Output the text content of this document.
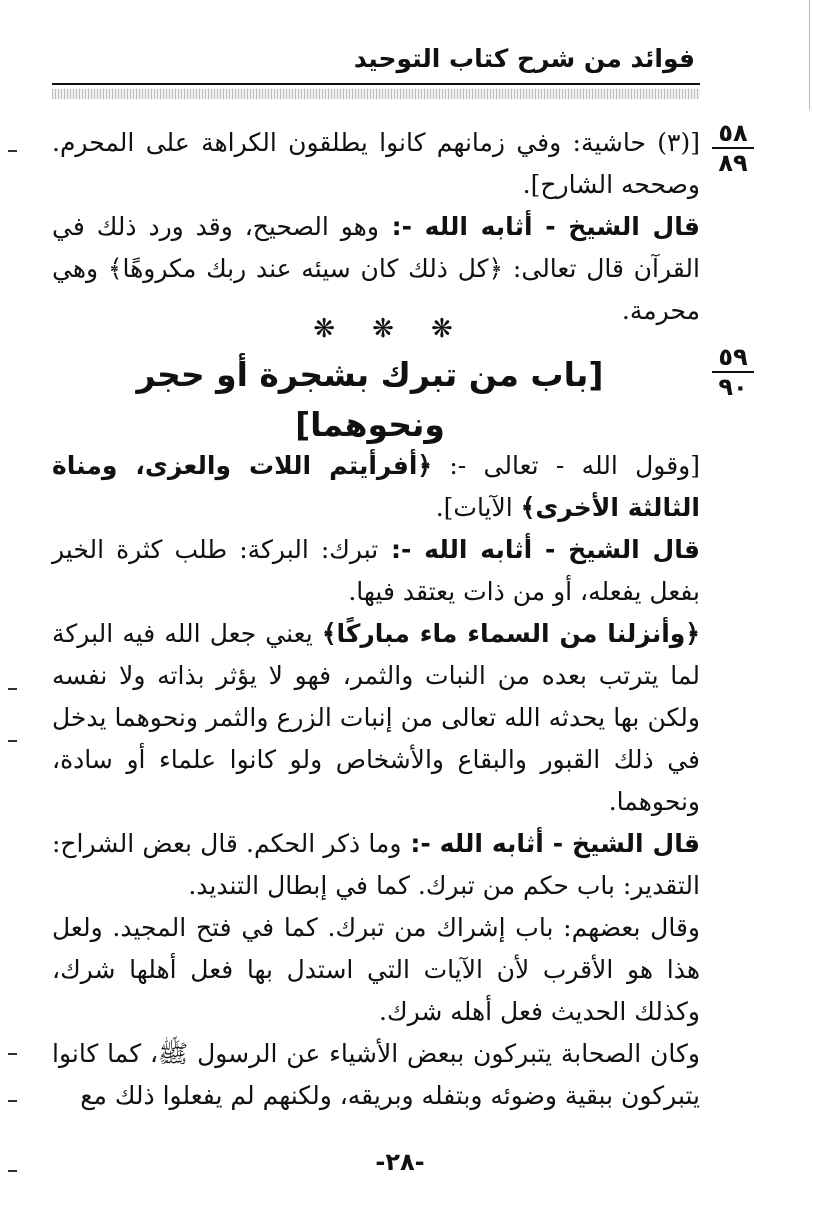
فوائد من شرح كتاب التوحيد
٥٨
٨٩

[(٣) حاشية: وفي زمانهم كانوا يطلقون الكراهة على المحرم. وصححه الشارح].

قال الشيخ - أثابه الله -: وهو الصحيح، وقد ورد ذلك في القرآن قال تعالى: ﴿كل ذلك كان سيئه عند ربك مكروهًا﴾ وهي محرمة.

❋ ❋ ❋
٥٩
٩٠
[باب من تبرك بشجرة أو حجر ونحوهما]

[وقول الله - تعالى -: ﴿أفرأيتم اللات والعزى، ومناة الثالثة الأخرى﴾ الآيات].

قال الشيخ - أثابه الله -: تبرك: البركة: طلب كثرة الخير بفعل يفعله، أو من ذات يعتقد فيها.

﴿وأنزلنا من السماء ماء مباركًا﴾ يعني جعل الله فيه البركة لما يترتب بعده من النبات والثمر، فهو لا يؤثر بذاته ولا نفسه ولكن بها يحدثه الله تعالى من إنبات الزرع والثمر ونحوهما يدخل في ذلك القبور والبقاع والأشخاص ولو كانوا علماء أو سادة، ونحوهما.

قال الشيخ - أثابه الله -: وما ذكر الحكم. قال بعض الشراح: التقدير: باب حكم من تبرك. كما في إبطال التنديد.

وقال بعضهم: باب إشراك من تبرك. كما في فتح المجيد. ولعل هذا هو الأقرب لأن الآيات التي استدل بها فعل أهلها شرك، وكذلك الحديث فعل أهله شرك.

وكان الصحابة يتبركون ببعض الأشياء عن الرسول ﷺ، كما كانوا يتبركون ببقية وضوئه وبتفله وبريقه، ولكنهم لم يفعلوا ذلك مع

-٢٨-
